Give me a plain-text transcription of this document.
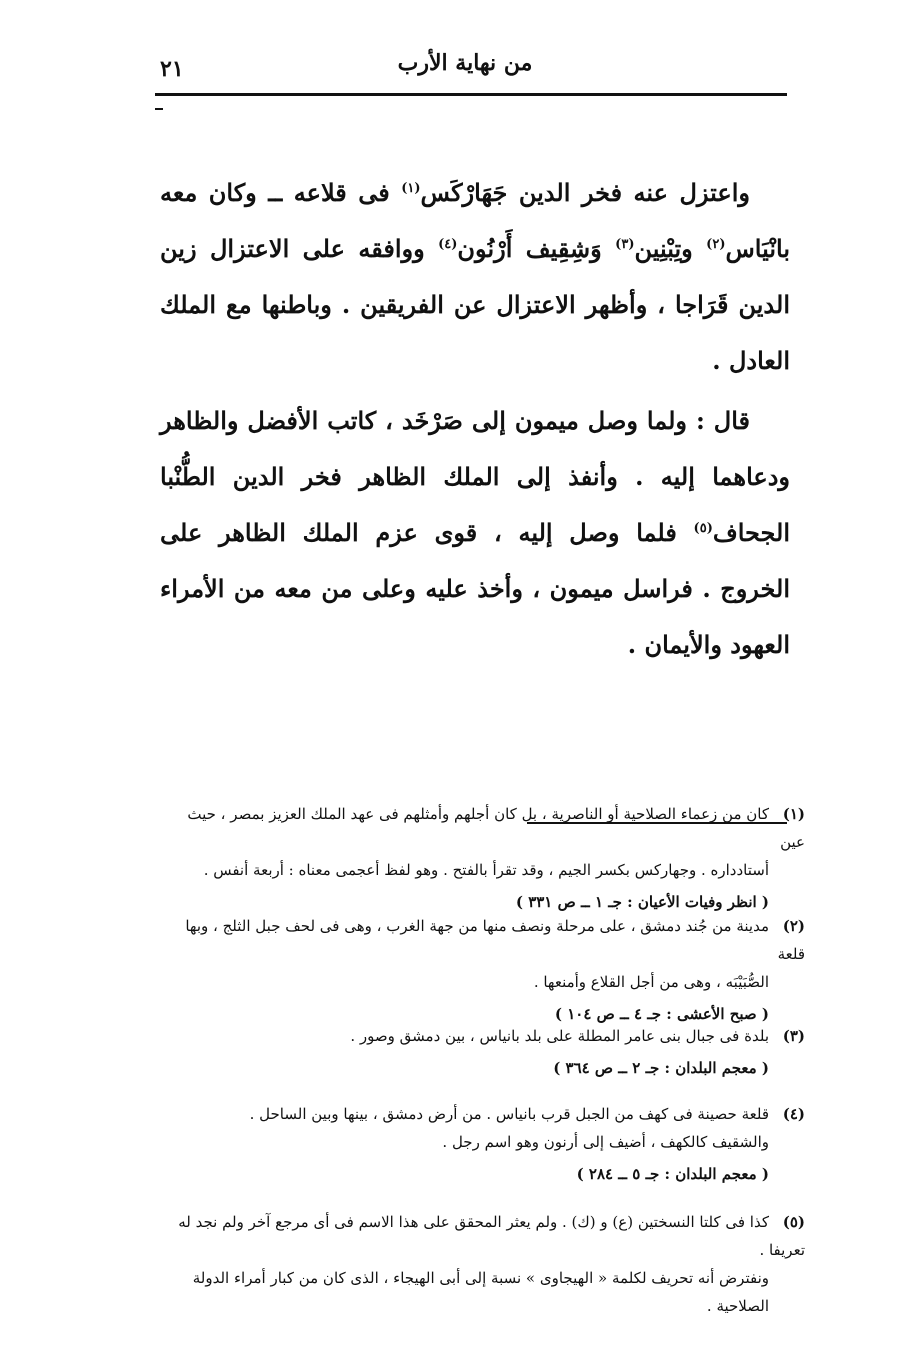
٢١	من نهاية الأرب

واعتزل عنه فخر الدين جَهَارْكَس$^{(١)}$ فى قلاعه ــ وكان معه بانْيَاس$^{(٢)}$ وتِبْنِين$^{(٣)}$ وَشِقِيف أَرْنُون$^{(٤)}$ ووافقه على الاعتزال زين الدين قَرَاجا ، وأظهر الاعتزال عن الفريقين . وباطنها مع الملك العادل .

قال : ولما وصل ميمون إلى صَرْخَد ، كاتب الأفضل والظاهر ودعاهما إليه . وأنفذ إلى الملك الظاهر فخر الدين الطُّنْبا الجحاف$^{(٥)}$ فلما وصل إليه ، قوى عزم الملك الظاهر على الخروج . فراسل ميمون ، وأخذ عليه وعلى من معه من الأمراء العهود والأيمان .

(١)كان من زعماء الصلاحية أو الناصرية ، بل كان أجلهم وأمثلهم فى عهد الملك العزيز بمصر ، حيث عين
أستادداره . وجهاركس بكسر الجيم ، وقد تقرأ بالفتح . وهو لفظ أعجمى معناه : أربعة أنفس .
( انظر وفيات الأعيان : جـ ١ ــ ص ٣٣١ )
(٢)مدينة من جُند دمشق ، على مرحلة ونصف منها من جهة الغرب ، وهى فى لحف جبل الثلج ، وبها قلعة
الصُّبَيْبَه ، وهى من أجل القلاع وأمنعها .
( صبح الأعشى : جـ ٤ ــ ص ١٠٤ )
(٣)بلدة فى جبال بنى عامر المطلة على بلد بانياس ، بين دمشق وصور .
( معجم البلدان : جـ ٢ ــ ص ٣٦٤ )
(٤)قلعة حصينة فى كهف من الجبل قرب بانياس . من أرض دمشق ، بينها وبين الساحل .
والشقيف كالكهف ، أضيف إلى أرنون وهو اسم رجل .
( معجم البلدان : جـ ٥ ــ ٢٨٤ )
(٥)كذا فى كلتا النسختين (ع) و (ك) . ولم يعثر المحقق على هذا الاسم فى أى مرجع آخر ولم نجد له تعريفا .
ونفترض أنه تحريف لكلمة « الهيجاوى » نسبة إلى أبى الهيجاء ، الذى كان من كبار أمراء الدولة الصلاحية .
